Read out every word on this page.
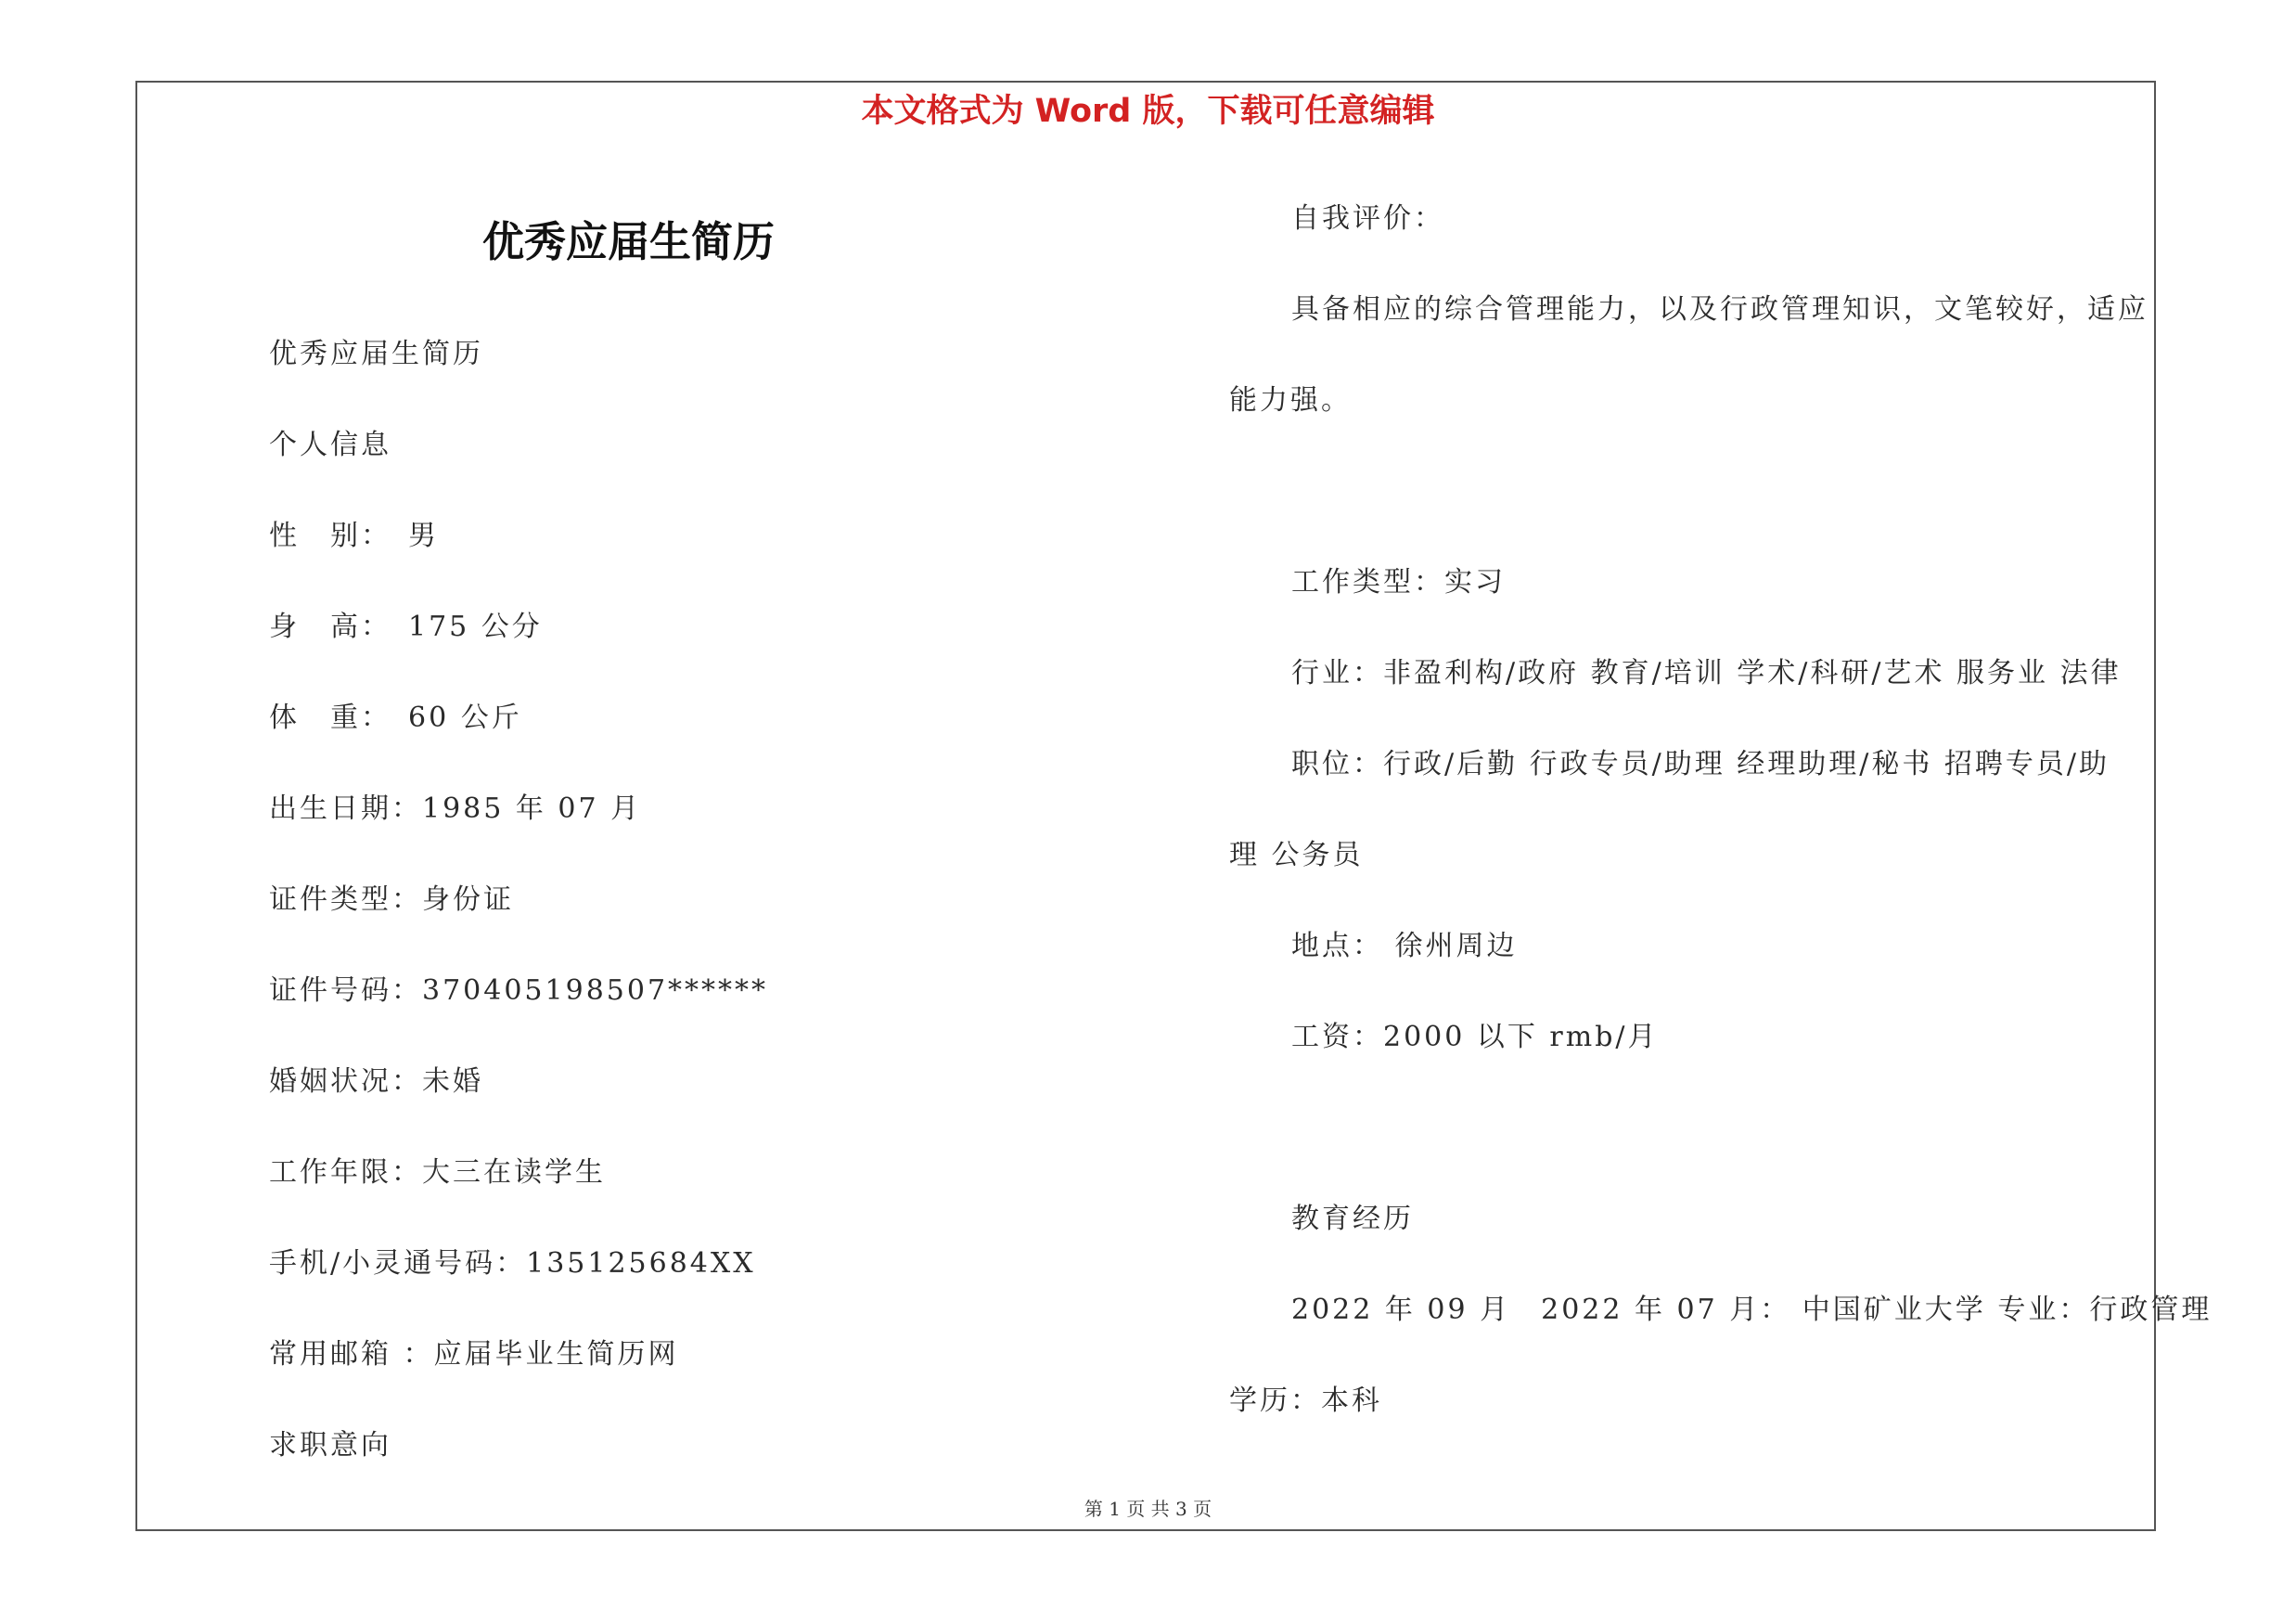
本文格式为 Word 版，下载可任意编辑
优秀应届生简历
优秀应届生简历
个人信息
性　别：　男
身　高：　175 公分
体　重：　60 公斤
出生日期：1985 年 07 月
证件类型：身份证
证件号码：370405198507******
婚姻状况：未婚
工作年限：大三在读学生
手机/小灵通号码：135125684XX
常用邮箱 ：应届毕业生简历网
求职意向
自我评价：
具备相应的综合管理能力，以及行政管理知识，文笔较好，适应
能力强。
工作类型：实习
行业：非盈利构/政府 教育/培训 学术/科研/艺术 服务业 法律
职位：行政/后勤 行政专员/助理 经理助理/秘书 招聘专员/助
理 公务员
地点： 徐州周边
工资：2000 以下 rmb/月
教育经历
2022 年 09 月　2022 年 07 月： 中国矿业大学 专业：行政管理
学历：本科
第 1 页 共 3 页
